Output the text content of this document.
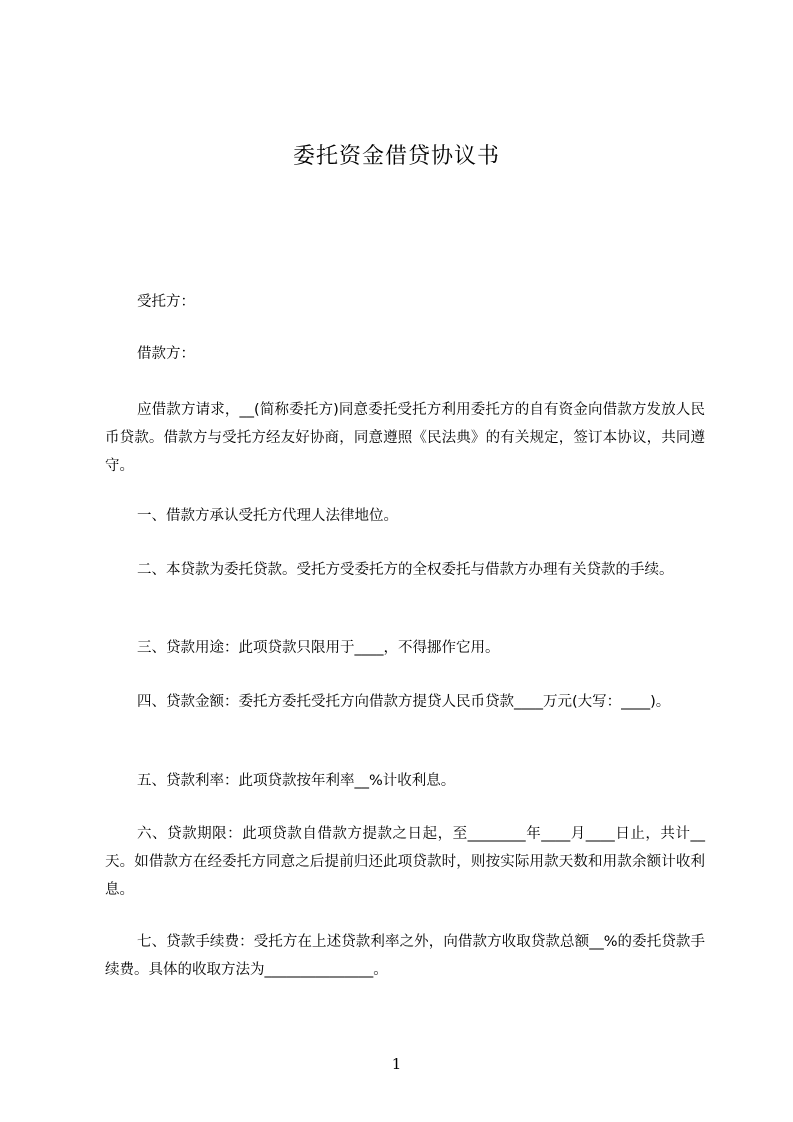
委托资金借贷协议书

受托方：

借款方：

应借款方请求，__(简称委托方)同意委托受托方利用委托方的自有资金向借款方发放人民币贷款。借款方与受托方经友好协商，同意遵照《民法典》的有关规定，签订本协议，共同遵守。

一、借款方承认受托方代理人法律地位。

二、本贷款为委托贷款。受托方受委托方的全权委托与借款方办理有关贷款的手续。

三、贷款用途：此项贷款只限用于____，不得挪作它用。

四、贷款金额：委托方委托受托方向借款方提贷人民币贷款____万元(大写：____)。

五、贷款利率：此项贷款按年利率__%计收利息。

六、贷款期限：此项贷款自借款方提款之日起，至________年____月____日止，共计__天。如借款方在经委托方同意之后提前归还此项贷款时，则按实际用款天数和用款余额计收利息。

七、贷款手续费：受托方在上述贷款利率之外，向借款方收取贷款总额__%的委托贷款手续费。具体的收取方法为_______________。

1
